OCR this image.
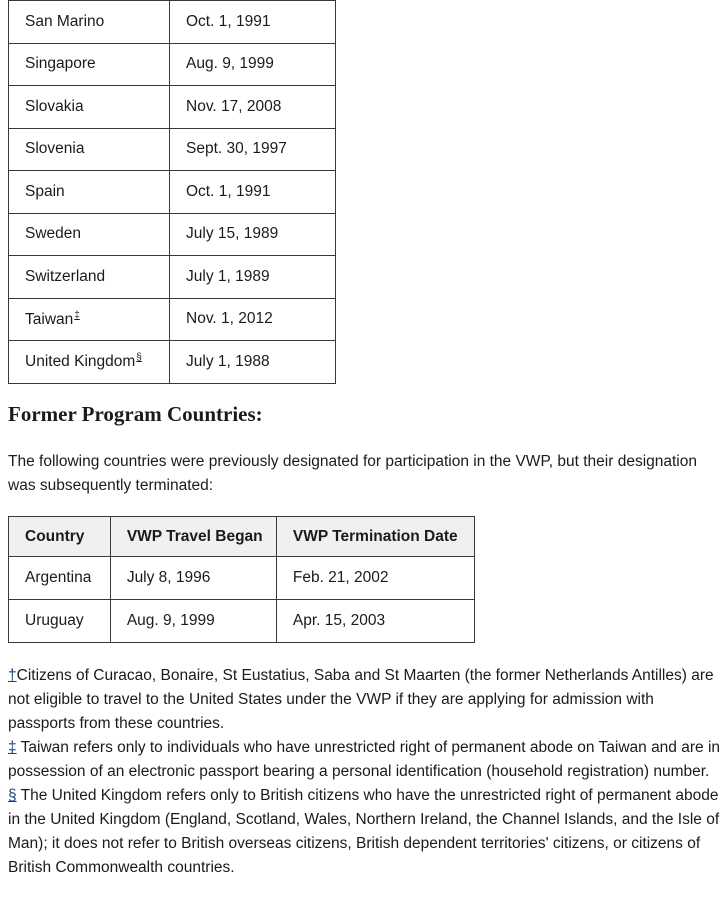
San Marino	Oct. 1, 1991
Singapore	Aug. 9, 1999
Slovakia	Nov. 17, 2008
Slovenia	Sept. 30, 1997
Spain	Oct. 1, 1991
Sweden	July 15, 1989
Switzerland	July 1, 1989
Taiwan‡	Nov. 1, 2012
United Kingdom§	July 1, 1988
Former Program Countries:

The following countries were previously designated for participation in the VWP, but their designation was subsequently terminated:

Country	VWP Travel Began	VWP Termination Date
Argentina	July 8, 1996	Feb. 21, 2002
Uruguay	Aug. 9, 1999	Apr. 15, 2003

†Citizens of Curacao, Bonaire, St Eustatius, Saba and St Maarten (the former Netherlands Antilles) are not eligible to travel to the United States under the VWP if they are applying for admission with passports from these countries.

‡ Taiwan refers only to individuals who have unrestricted right of permanent abode on Taiwan and are in possession of an electronic passport bearing a personal identification (household registration) number.

§ The United Kingdom refers only to British citizens who have the unrestricted right of permanent abode in the United Kingdom (England, Scotland, Wales, Northern Ireland, the Channel Islands, and the Isle of Man); it does not refer to British overseas citizens, British dependent territories' citizens, or citizens of British Commonwealth countries.
